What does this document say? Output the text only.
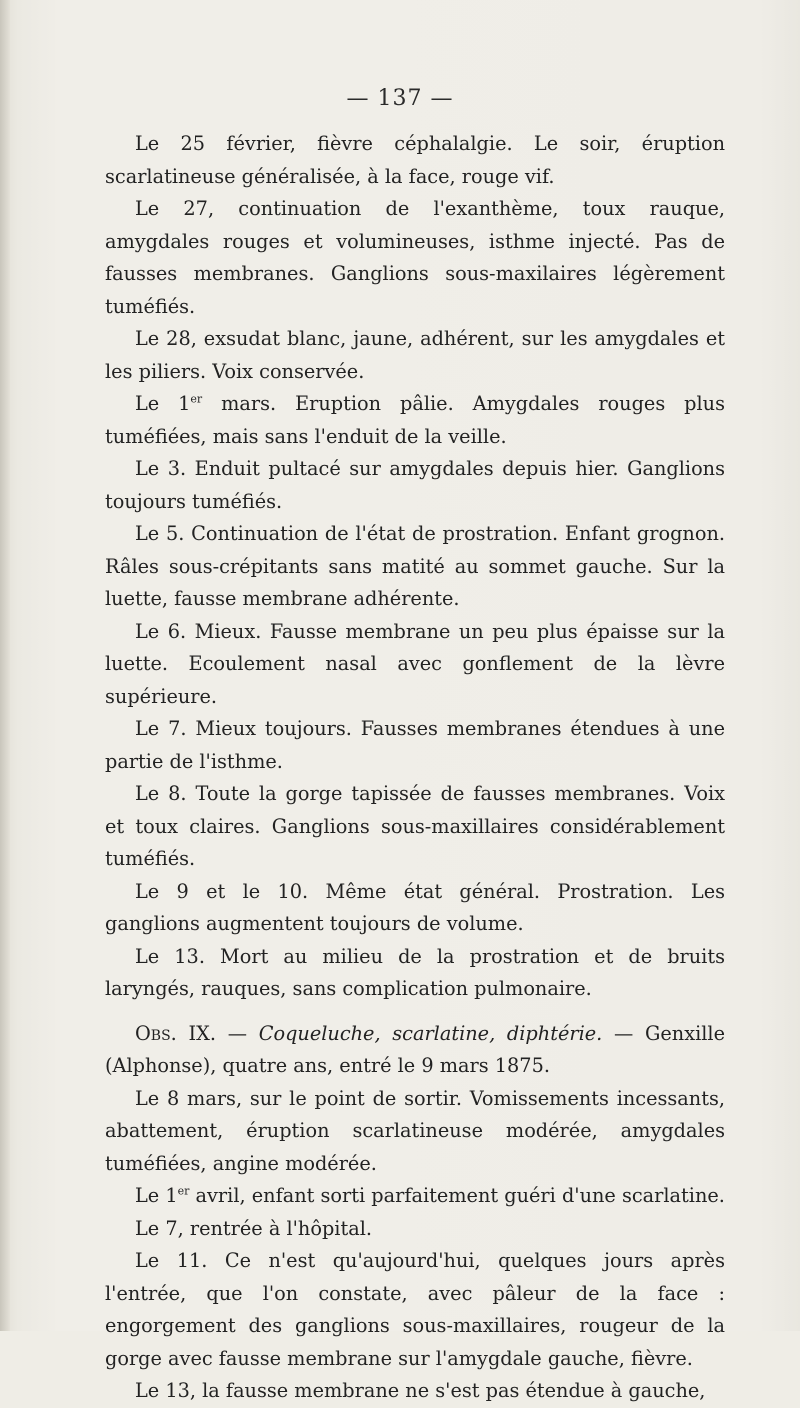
— 137 —

Le 25 février, fièvre céphalalgie. Le soir, éruption scarlatineuse généralisée, à la face, rouge vif.

Le 27, continuation de l'exanthème, toux rauque, amygdales rouges et volumineuses, isthme injecté. Pas de fausses membranes. Ganglions sous-maxilaires légèrement tuméfiés.

Le 28, exsudat blanc, jaune, adhérent, sur les amygdales et les piliers. Voix conservée.

Le 1er mars. Eruption pâlie. Amygdales rouges plus tuméfiées, mais sans l'enduit de la veille.

Le 3. Enduit pultacé sur amygdales depuis hier. Ganglions toujours tuméfiés.

Le 5. Continuation de l'état de prostration. Enfant grognon. Râles sous-crépitants sans matité au sommet gauche. Sur la luette, fausse membrane adhérente.

Le 6. Mieux. Fausse membrane un peu plus épaisse sur la luette. Ecoulement nasal avec gonflement de la lèvre supérieure.

Le 7. Mieux toujours. Fausses membranes étendues à une partie de l'isthme.

Le 8. Toute la gorge tapissée de fausses membranes. Voix et toux claires. Ganglions sous-maxillaires considérablement tuméfiés.

Le 9 et le 10. Même état général. Prostration. Les ganglions augmentent toujours de volume.

Le 13. Mort au milieu de la prostration et de bruits laryngés, rauques, sans complication pulmonaire.

Obs. IX. — Coqueluche, scarlatine, diphtérie. — Genxille (Alphonse), quatre ans, entré le 9 mars 1875.

Le 8 mars, sur le point de sortir. Vomissements incessants, abattement, éruption scarlatineuse modérée, amygdales tuméfiées, angine modérée.

Le 1er avril, enfant sorti parfaitement guéri d'une scarlatine.

Le 7, rentrée à l'hôpital.

Le 11. Ce n'est qu'aujourd'hui, quelques jours après l'entrée, que l'on constate, avec pâleur de la face : engorgement des ganglions sous-maxillaires, rougeur de la gorge avec fausse membrane sur l'amygdale gauche, fièvre.

Le 13, la fausse membrane ne s'est pas étendue à gauche,
